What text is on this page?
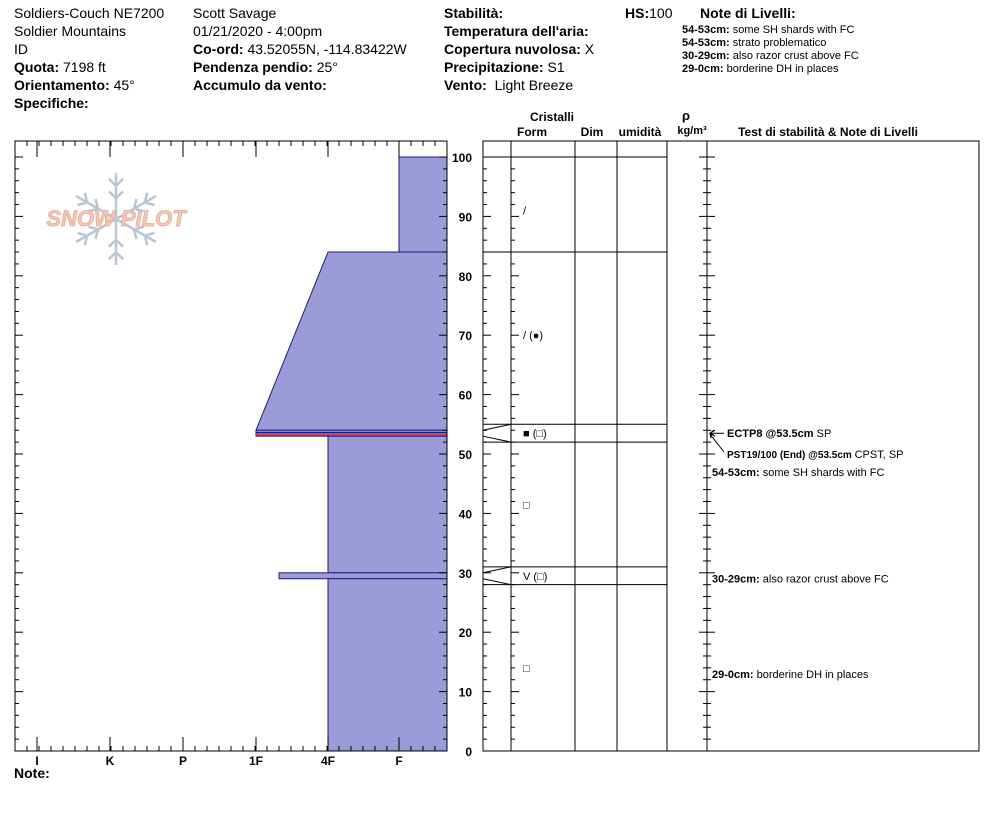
Soldiers-Couch NE7200
Soldier Mountains
ID
Quota: 7198 ft
Orientamento: 45°
Specifiche:
Scott Savage
01/21/2020 - 4:00pm
Co-ord: 43.52055N, -114.83422W
Pendenza pendio: 25°
Accumulo da vento:
Stabilità:
Temperatura dell'aria:
Copertura nuvolosa: X
Precipitazione: S1
Vento: Light Breeze
HS:100 Note di Livelli:
54-53cm: some SH shards with FC
54-53cm: strato problematico
30-29cm: also razor crust above FC
29-0cm: borderine DH in places
Cristalli
Form	Dim umidità
ρ
kg/m³	Test di stabilità & Note di Livelli
SNOW PILOT
0
10
20
30
40
50
60
70
80
90
100
I	K	P	1F	4F	F
/
/ (●)
■ (□)
□
V (□)
□
ECTP8 @53.5cm SP
PST19/100 (End) @53.5cm CPST, SP
54-53cm: some SH shards with FC
30-29cm: also razor crust above FC
29-0cm: borderine DH in places
Note:
